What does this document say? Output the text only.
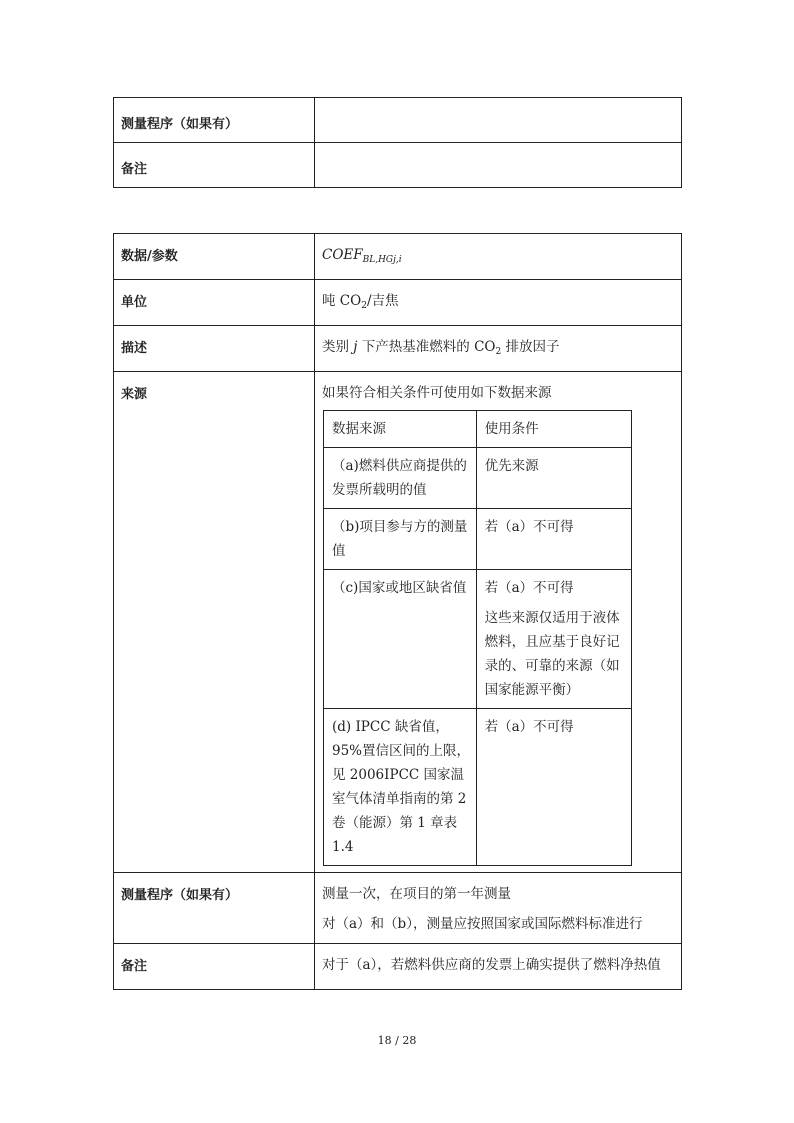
测量程序（如果有）	
备注	
数据/参数	$COEF_{BL,HGj,i}$
单位	吨 $CO_2/$吉焦
描述	类别 j 下产热基准燃料的 $CO_2$ 排放因子
来源	如果符合相关条件可使用如下数据来源
数据来源	使用条件
（a)燃料供应商提供的发票所载明的值	优先来源
（b)项目参与方的测量值	若（a）不可得
（c)国家或地区缺省值	若（a）不可得
这些来源仅适用于液体燃料，且应基于良好记录的、可靠的来源（如国家能源平衡）

(d) IPCC 缺省值， 95%置信区间的上限，见 2006IPCC 国家温室气体清单指南的第 2 卷（能源）第 1 章表 1.4	若（a）不可得

测量程序（如果有）	测量一次，在项目的第一年测量
对（a）和（b），测量应按照国家或国际燃料标准进行

备注	对于（a），若燃料供应商的发票上确实提供了燃料净热值
18 / 28
